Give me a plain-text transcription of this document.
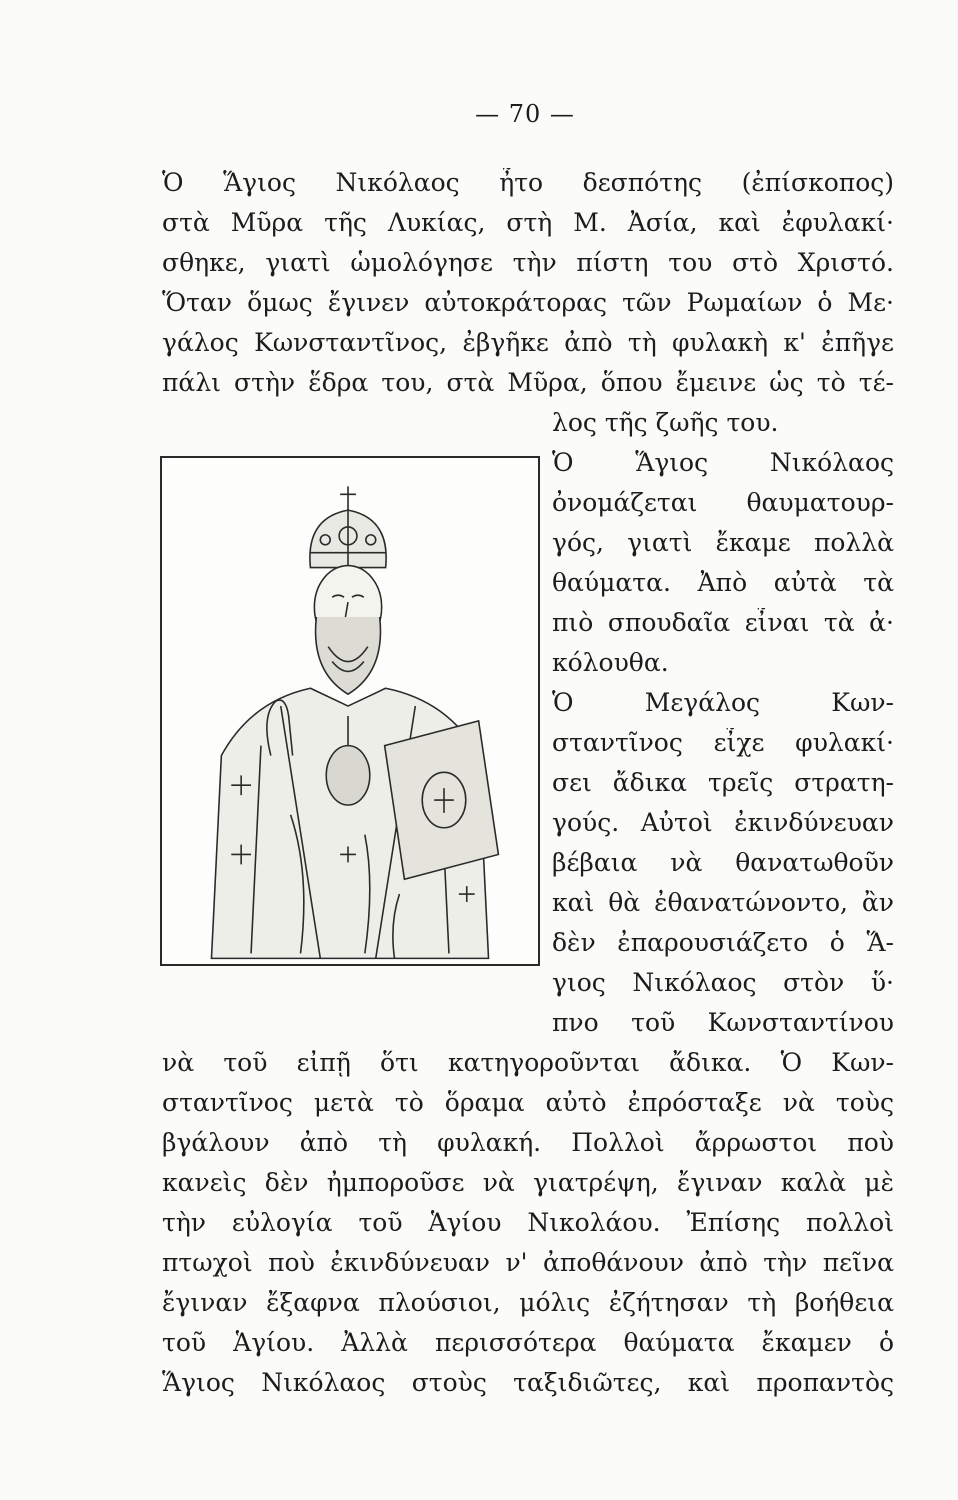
— 70 —
Ὁ Ἅγιος Νικόλαος ἦτο δεσπότης (ἐπίσκοπος)
στὰ Μῦρα τῆς Λυκίας, στὴ Μ. Ἀσία, καὶ ἐφυλακί·
σθηκε, γιατὶ ὡμολόγησε τὴν πίστη του στὸ Χριστό.
Ὅταν ὅμως ἔγινεν αὐτοκράτορας τῶν Ρωμαίων ὁ Με·
γάλος Κωνσταντῖνος, ἐβγῆκε ἀπὸ τὴ φυλακὴ κ' ἐπῆγε
πάλι στὴν ἕδρα του, στὰ Μῦρα, ὅπου ἔμεινε ὡς τὸ τέ-
λος τῆς ζωῆς του.
Ὁ Ἅγιος Νικόλαος
ὀνομάζεται θαυματουρ-
γός, γιατὶ ἔκαμε πολλὰ
θαύματα. Ἀπὸ αὐτὰ τὰ
πιὸ σπουδαῖα εἶναι τὰ ἀ·
κόλουθα.
Ὁ Μεγάλος Κων-
σταντῖνος εἶχε φυλακί·
σει ἄδικα τρεῖς στρατη-
γούς. Αὐτοὶ ἐκινδύνευαν
βέβαια νὰ θανατωθοῦν
καὶ θὰ ἐθανατώνοντο, ἂν
δὲν ἐπαρουσιάζετο ὁ Ἅ-
γιος Νικόλαος στὸν ὕ·
πνο τοῦ Κωνσταντίνου
νὰ τοῦ εἰπῇ ὅτι κατηγοροῦνται ἄδικα. Ὁ Κων-
σταντῖνος μετὰ τὸ ὅραμα αὐτὸ ἐπρόσταξε νὰ τοὺς
βγάλουν ἀπὸ τὴ φυλακή. Πολλοὶ ἄρρωστοι ποὺ
κανεὶς δὲν ἠμποροῦσε νὰ γιατρέψη, ἔγιναν καλὰ μὲ
τὴν εὐλογία τοῦ Ἁγίου Νικολάου. Ἐπίσης πολλοὶ
πτωχοὶ ποὺ ἐκινδύνευαν ν' ἀποθάνουν ἀπὸ τὴν πεῖνα
ἔγιναν ἔξαφνα πλούσιοι, μόλις ἐζήτησαν τὴ βοήθεια
τοῦ Ἁγίου. Ἀλλὰ περισσότερα θαύματα ἔκαμεν ὁ
Ἅγιος Νικόλαος στοὺς ταξιδιῶτες, καὶ προπαντὸς
